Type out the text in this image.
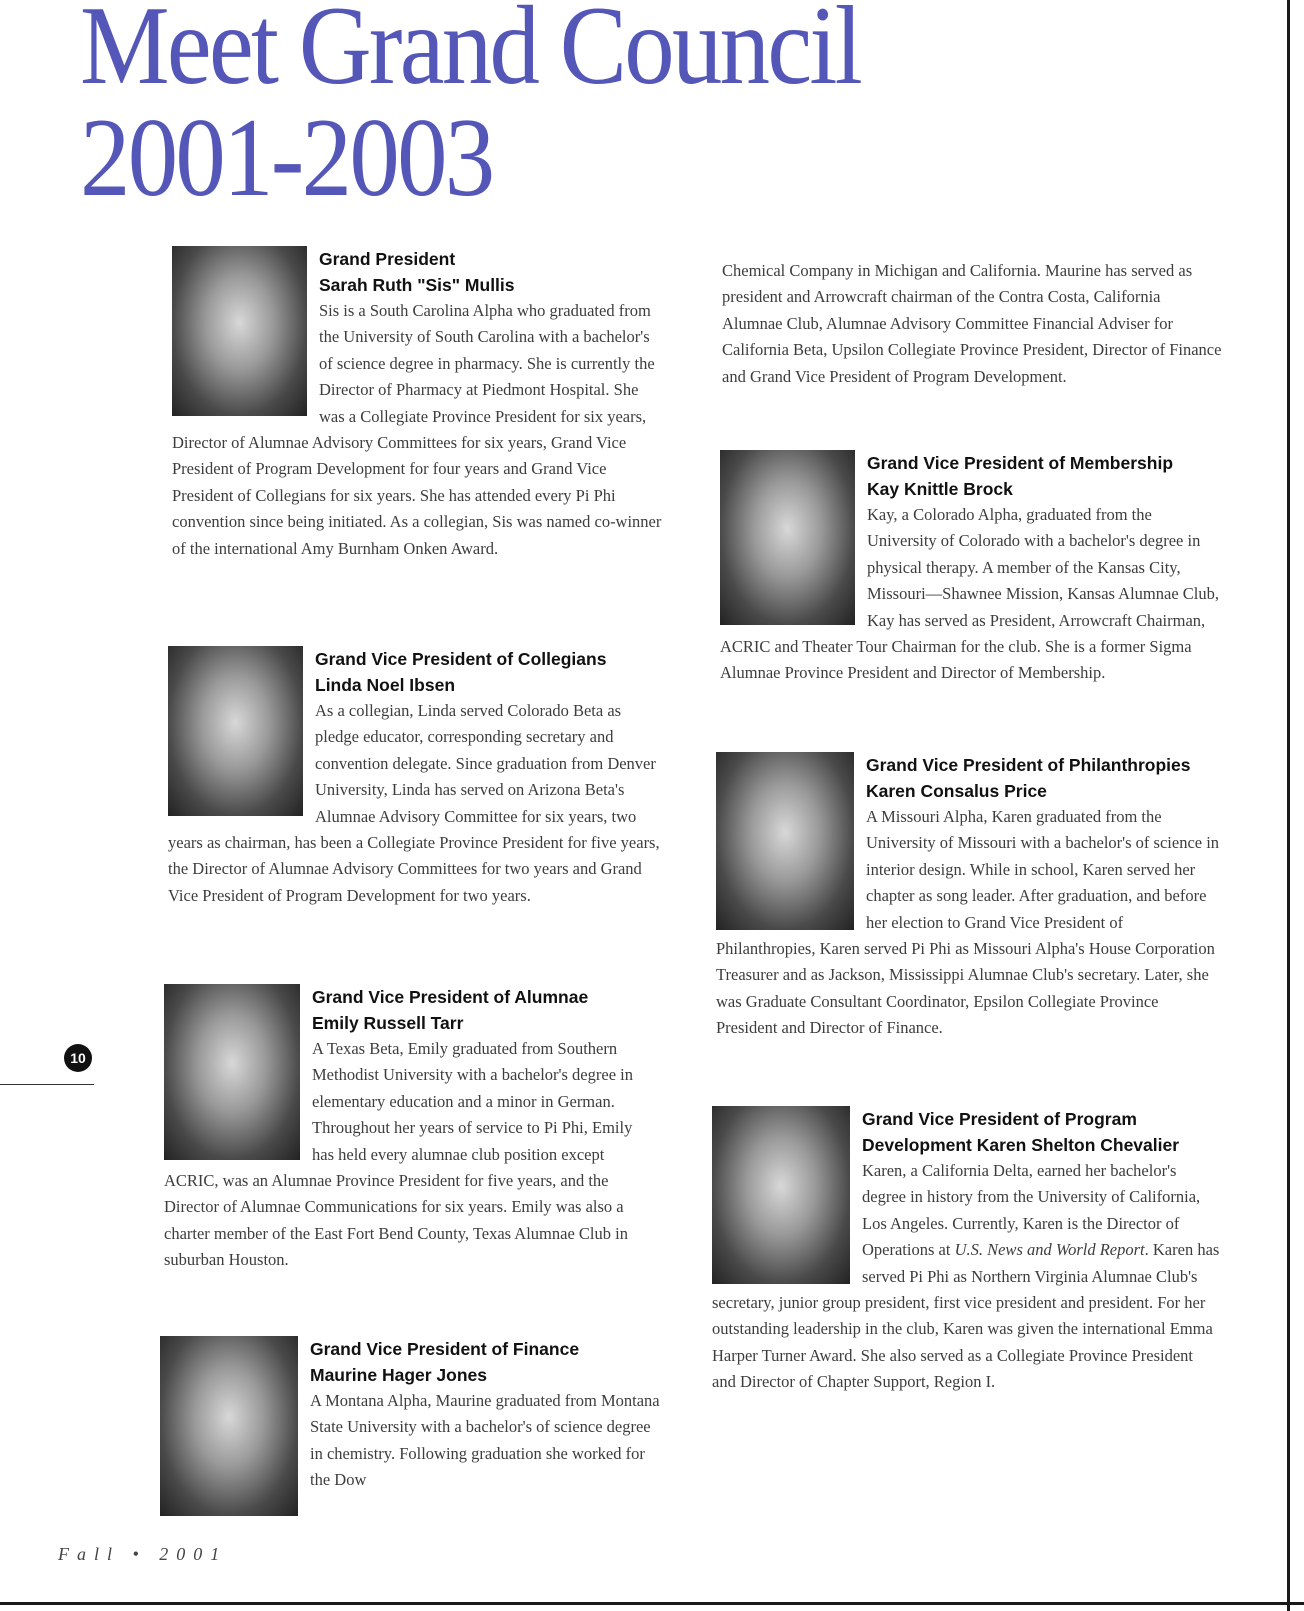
Meet Grand Council
2001-2003

Grand President

Sarah Ruth "Sis" Mullis

Sis is a South Carolina Alpha who graduated from the University of South Carolina with a bachelor's of science degree in pharmacy. She is currently the Director of Pharmacy at Piedmont Hospital. She was a Collegiate Province President for six years, Director of Alumnae Advisory Committees for six years, Grand Vice President of Program Development for four years and Grand Vice President of Collegians for six years. She has attended every Pi Phi convention since being initiated. As a collegian, Sis was named co-winner of the international Amy Burnham Onken Award.

Grand Vice President of Collegians

Linda Noel Ibsen

As a collegian, Linda served Colorado Beta as pledge educator, corresponding secretary and convention delegate. Since graduation from Denver University, Linda has served on Arizona Beta's Alumnae Advisory Committee for six years, two years as chairman, has been a Collegiate Province President for five years, the Director of Alumnae Advisory Committees for two years and Grand Vice President of Program Development for two years.

Grand Vice President of Alumnae

Emily Russell Tarr

A Texas Beta, Emily graduated from Southern Methodist University with a bachelor's degree in elementary education and a minor in German. Throughout her years of service to Pi Phi, Emily has held every alumnae club position except ACRIC, was an Alumnae Province President for five years, and the Director of Alumnae Communications for six years. Emily was also a charter member of the East Fort Bend County, Texas Alumnae Club in suburban Houston.

Grand Vice President of Finance

Maurine Hager Jones

A Montana Alpha, Maurine graduated from Montana State University with a bachelor's of science degree in chemistry. Following graduation she worked for the Dow

Chemical Company in Michigan and California. Maurine has served as president and Arrowcraft chairman of the Contra Costa, California Alumnae Club, Alumnae Advisory Committee Financial Adviser for California Beta, Upsilon Collegiate Province President, Director of Finance and Grand Vice President of Program Development.

Grand Vice President of Membership

Kay Knittle Brock

Kay, a Colorado Alpha, graduated from the University of Colorado with a bachelor's degree in physical therapy. A member of the Kansas City, Missouri—Shawnee Mission, Kansas Alumnae Club, Kay has served as President, Arrowcraft Chairman, ACRIC and Theater Tour Chairman for the club. She is a former Sigma Alumnae Province President and Director of Membership.

Grand Vice President of Philanthropies

Karen Consalus Price

A Missouri Alpha, Karen graduated from the University of Missouri with a bachelor's of science in interior design. While in school, Karen served her chapter as song leader. After graduation, and before her election to Grand Vice President of Philanthropies, Karen served Pi Phi as Missouri Alpha's House Corporation Treasurer and as Jackson, Mississippi Alumnae Club's secretary. Later, she was Graduate Consultant Coordinator, Epsilon Collegiate Province President and Director of Finance.

Grand Vice President of Program Development Karen Shelton Chevalier

Karen, a California Delta, earned her bachelor's degree in history from the University of California, Los Angeles. Currently, Karen is the Director of Operations at U.S. News and World Report. Karen has served Pi Phi as Northern Virginia Alumnae Club's secretary, junior group president, first vice president and president. For her outstanding leadership in the club, Karen was given the international Emma Harper Turner Award. She also served as a Collegiate Province President and Director of Chapter Support, Region I.

10
Fall • 2001
